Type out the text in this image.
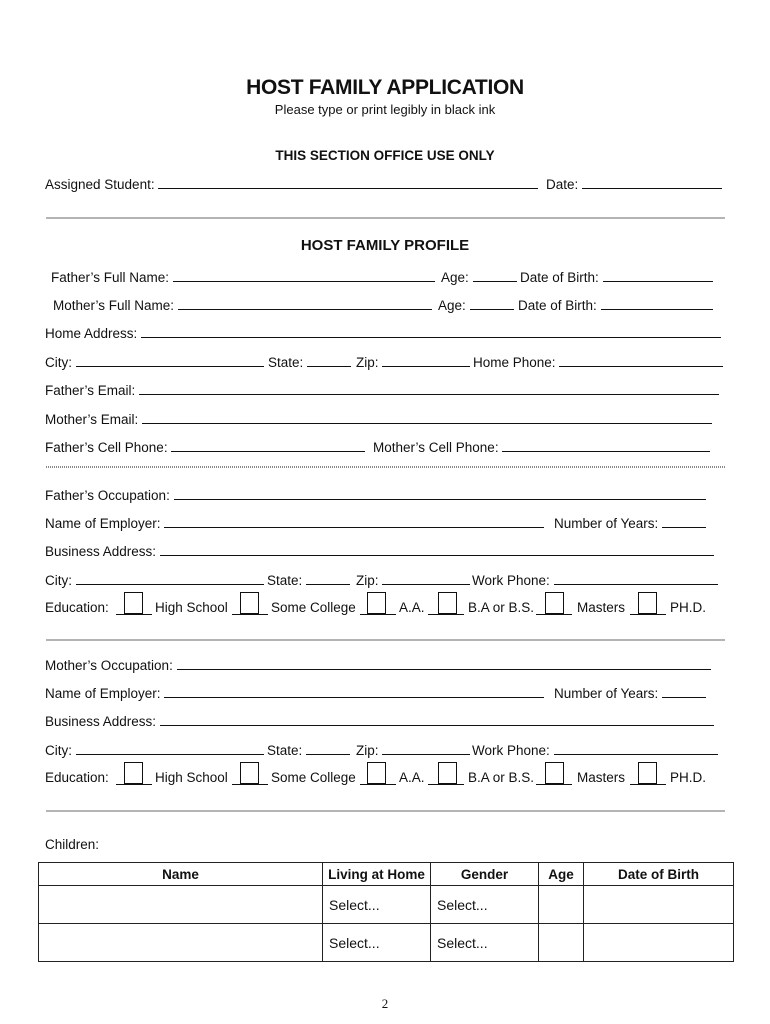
HOST FAMILY APPLICATION
Please type or print legibly in black ink
THIS SECTION OFFICE USE ONLY
Assigned Student:	Date:
HOST FAMILY PROFILE
Father’s Full Name:	Age:	Date of Birth:
Mother’s Full Name:	Age:	Date of Birth:
Home Address:
City:	State:	Zip:	Home Phone:
Father’s Email:
Mother’s Email:
Father’s Cell Phone:	Mother’s Cell Phone:
Father’s Occupation:
Name of Employer:	Number of Years:
Business Address:
City:	State:	Zip:	Work Phone:
Education:	High School	Some College	A.A.	B.A or B.S.	Masters	PH.D.
Mother’s Occupation:
Name of Employer:	Number of Years:
Business Address:
City:	State:	Zip:	Work Phone:
Education:	High School	Some College	A.A.	B.A or B.S.	Masters	PH.D.
Children:
Name	Living at Home	Gender	Age	Date of Birth
	Select...	Select...		
	Select...	Select...		
2
